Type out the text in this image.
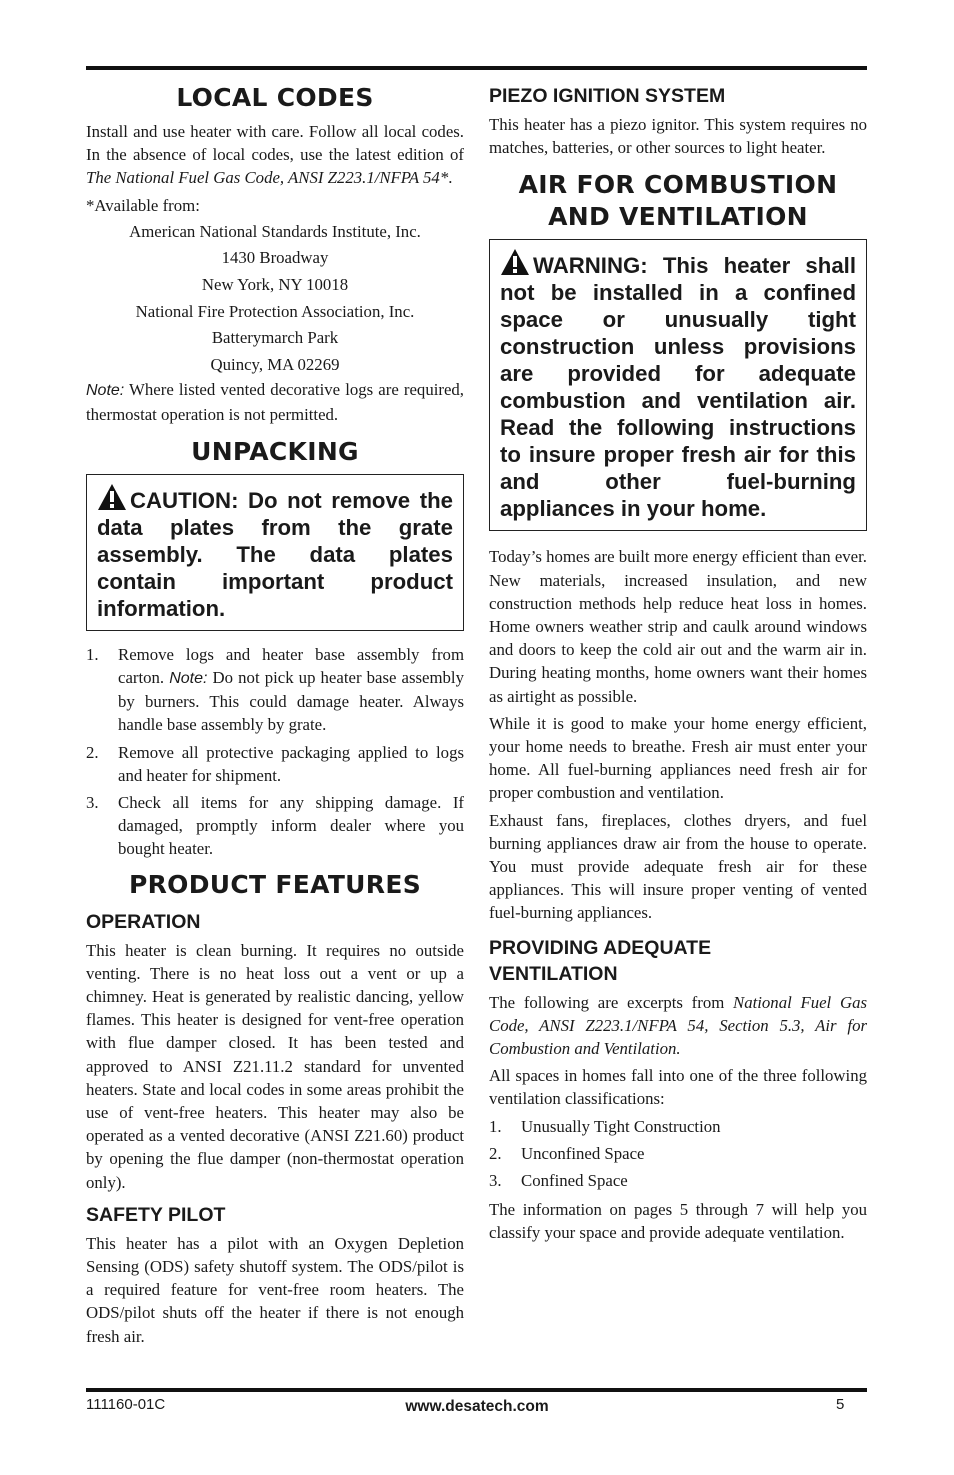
LOCAL CODES

Install and use heater with care. Follow all local codes. In the absence of local codes, use the latest edition of The National Fuel Gas Code, ANSI Z223.1/NFPA 54*.

*Available from:

American National Standards Institute, Inc.

1430 Broadway

New York, NY 10018

National Fire Protection Association, Inc.

Batterymarch Park

Quincy, MA 02269

Note: Where listed vented decorative logs are required, thermostat operation is not permitted.

UNPACKING

CAUTION: Do not remove the data plates from the grate assembly. The data plates contain important product information.

1. Remove logs and heater base assembly from carton. Note: Do not pick up heater base assembly by burners. This could damage heater. Always handle base assembly by grate.
2. Remove all protective packaging applied to logs and heater for shipment.
3. Check all items for any shipping damage. If damaged, promptly inform dealer where you bought heater.
PRODUCT FEATURES
OPERATION

This heater is clean burning. It requires no outside venting. There is no heat loss out a vent or up a chimney. Heat is generated by realistic dancing, yellow flames. This heater is designed for vent-free operation with flue damper closed. It has been tested and approved to ANSI Z21.11.2 standard for unvented heaters. State and local codes in some areas prohibit the use of vent-free heaters. This heater may also be operated as a vented decorative (ANSI Z21.60) product by opening the flue damper (non-thermostat operation only).

SAFETY PILOT

This heater has a pilot with an Oxygen Depletion Sensing (ODS) safety shutoff system. The ODS/pilot is a required feature for vent-free room heaters. The ODS/pilot shuts off the heater if there is not enough fresh air.

PIEZO IGNITION SYSTEM

This heater has a piezo ignitor. This system requires no matches, batteries, or other sources to light heater.

AIR FOR COMBUSTION
AND VENTILATION

WARNING: This heater shall not be installed in a confined space or unusually tight construction unless provisions are provided for adequate combustion and ventilation air. Read the following instructions to insure proper fresh air for this and other fuel-burning appliances in your home.

Today’s homes are built more energy efficient than ever. New materials, increased insulation, and new construction methods help reduce heat loss in homes. Home owners weather strip and caulk around windows and doors to keep the cold air out and the warm air in. During heating months, home owners want their homes as airtight as possible.

While it is good to make your home energy efficient, your home needs to breathe. Fresh air must enter your home. All fuel-burning appliances need fresh air for proper combustion and ventilation.

Exhaust fans, fireplaces, clothes dryers, and fuel burning appliances draw air from the house to operate. You must provide adequate fresh air for these appliances. This will insure proper venting of vented fuel-burning appliances.

PROVIDING ADEQUATE
VENTILATION

The following are excerpts from National Fuel Gas Code, ANSI Z223.1/NFPA 54, Section 5.3, Air for Combustion and Ventilation.

All spaces in homes fall into one of the three following ventilation classifications:

1. Unusually Tight Construction
2. Unconfined Space
3. Confined Space

The information on pages 5 through 7 will help you classify your space and provide adequate ventilation.

111160-01C	www.desatech.com	5
